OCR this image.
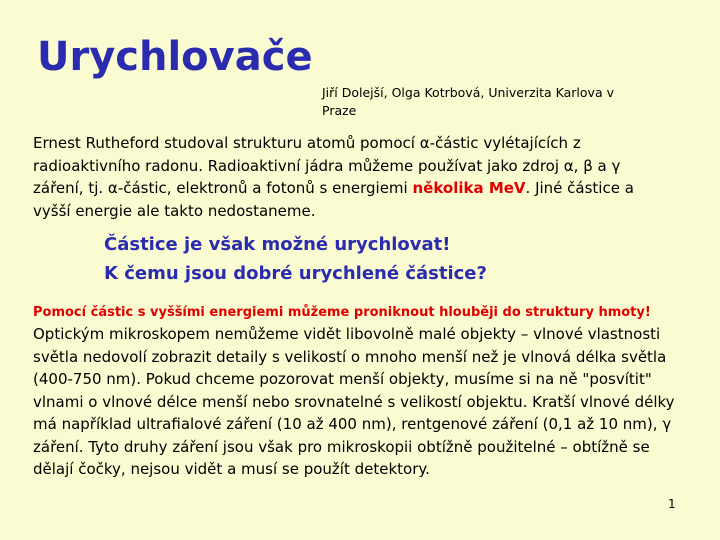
Urychlovače
Jiří Dolejší, Olga Kotrbová, Univerzita Karlova v Praze
Ernest Rutheford studoval strukturu atomů pomocí α-částic vylétajících z radioaktivního radonu. Radioaktivní jádra můžeme používat jako zdroj α, β a γ záření, tj. α-částic, elektronů a fotonů s energiemi několika MeV. Jiné částice a vyšší energie ale takto nedostaneme.
Částice je však možné urychlovat!
K čemu jsou dobré urychlené částice?
Pomocí částic s vyššími energiemi můžeme proniknout hlouběji do struktury hmoty!
Optickým mikroskopem nemůžeme vidět libovolně malé objekty – vlnové vlastnosti světla nedovolí zobrazit detaily s velikostí o mnoho menší než je vlnová délka světla (400-750 nm). Pokud chceme pozorovat menší objekty, musíme si na ně "posvítit" vlnami o vlnové délce menší nebo srovnatelné s velikostí objektu. Kratší vlnové délky má například ultrafialové záření (10 až 400 nm), rentgenové záření (0,1 až 10 nm), γ záření. Tyto druhy záření jsou však pro mikroskopii obtížně použitelné – obtížně se dělají čočky, nejsou vidět a musí se použít detektory.
1
